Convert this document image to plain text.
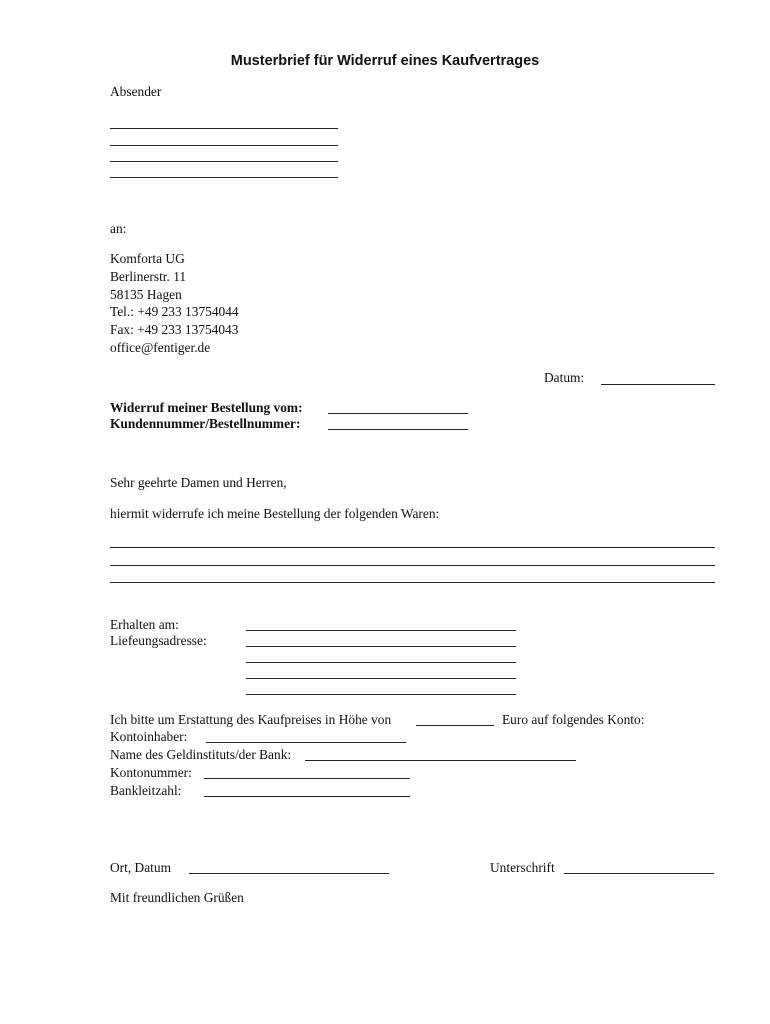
Musterbrief für Widerruf eines Kaufvertrages
Absender
an:
Komforta UG
Berlinerstr. 11
58135 Hagen
Tel.: +49 233 13754044
Fax: +49 233 13754043
office@fentiger.de
Datum:
Widerruf meiner Bestellung vom:
Kundennummer/Bestellnummer:
Sehr geehrte Damen und Herren,
hiermit widerrufe ich meine Bestellung der folgenden Waren:
Erhalten am:
Liefeungsadresse:
Ich bitte um Erstattung des Kaufpreises in Höhe von	Euro auf folgendes Konto:
Kontoinhaber:
Name des Geldinstituts/der Bank:
Kontonummer:
Bankleitzahl:
Ort, Datum	Unterschrift
Mit freundlichen Grüßen
